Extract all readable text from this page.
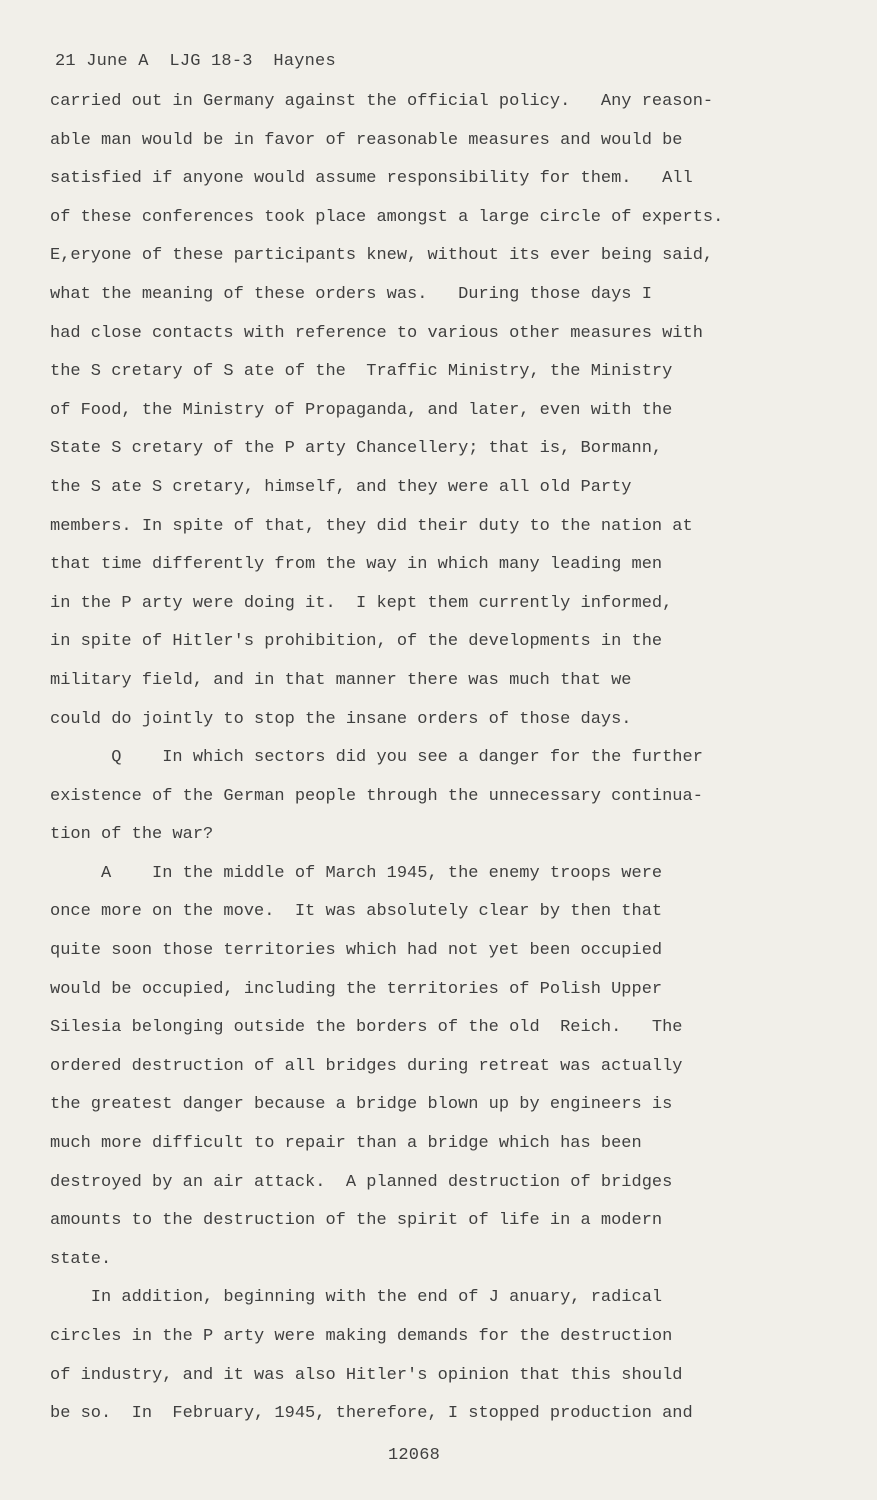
21 June A  LJG 18-3  Haynes
carried out in Germany against the official policy.   Any reason-
able man would be in favor of reasonable measures and would be
satisfied if anyone would assume responsibility for them.   All
of these conferences took place amongst a large circle of experts.
E,eryone of these participants knew, without its ever being said,
what the meaning of these orders was.   During those days I
had close contacts with reference to various other measures with
the S cretary of S ate of the  Traffic Ministry, the Ministry
of Food, the Ministry of Propaganda, and later, even with the
State S cretary of the P arty Chancellery; that is, Bormann,
the S ate S cretary, himself, and they were all old Party
members. In spite of that, they did their duty to the nation at
that time differently from the way in which many leading men
in the P arty were doing it.  I kept them currently informed,
in spite of Hitler's prohibition, of the developments in the
military field, and in that manner there was much that we
could do jointly to stop the insane orders of those days.
Q    In which sectors did you see a danger for the further
existence of the German people through the unnecessary continua-
tion of the war?
A    In the middle of March 1945, the enemy troops were
once more on the move.  It was absolutely clear by then that
quite soon those territories which had not yet been occupied
would be occupied, including the territories of Polish Upper
Silesia belonging outside the borders of the old  Reich.   The
ordered destruction of all bridges during retreat was actually
the greatest danger because a bridge blown up by engineers is
much more difficult to repair than a bridge which has been
destroyed by an air attack.  A planned destruction of bridges
amounts to the destruction of the spirit of life in a modern
state.
In addition, beginning with the end of J anuary, radical
circles in the P arty were making demands for the destruction
of industry, and it was also Hitler's opinion that this should
be so.  In  February, 1945, therefore, I stopped production and
12068
